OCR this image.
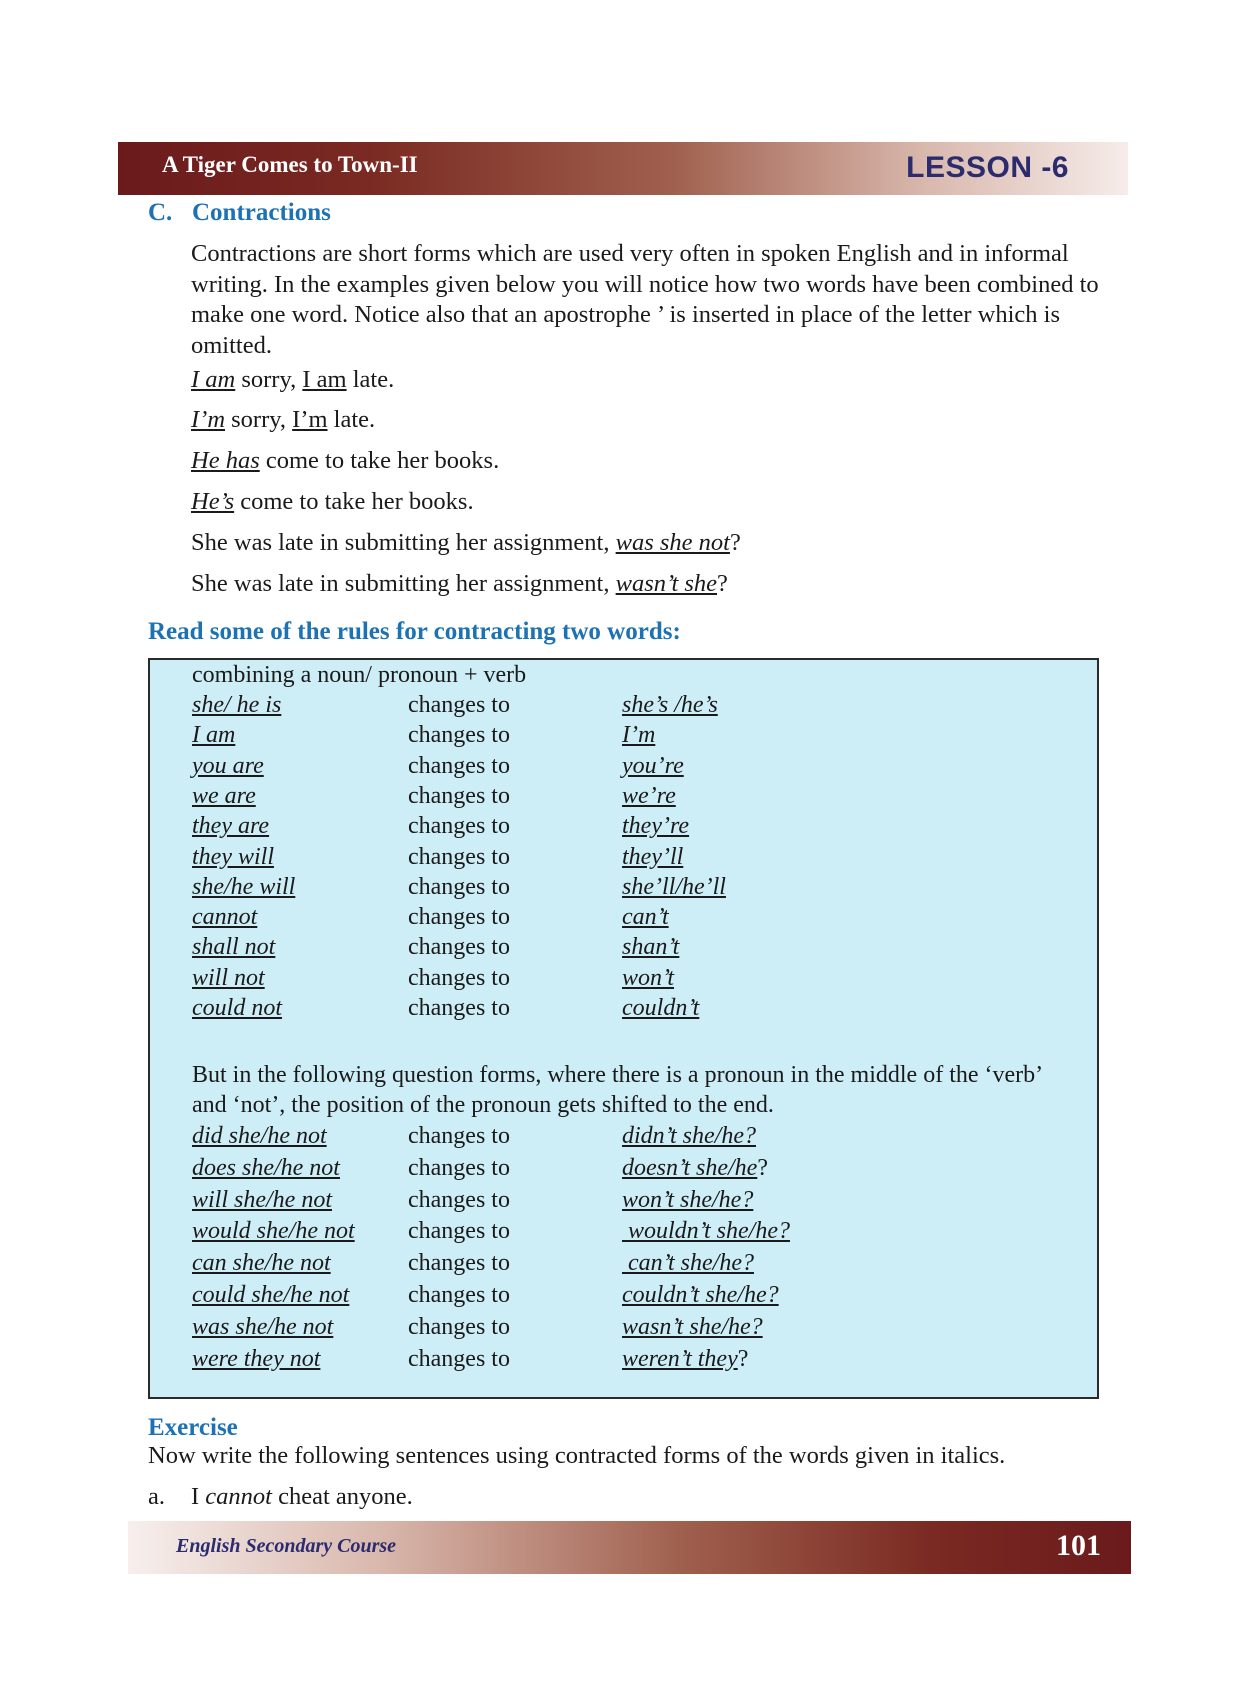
A Tiger Comes to Town-II	LESSON -6
C. Contractions
Contractions are short forms which are used very often in spoken English and in informal writing. In the examples given below you will notice how two words have been combined to make one word. Notice also that an apostrophe ’ is inserted in place of the letter which is omitted.
I am sorry, I am late.
I’m sorry, I’m late.
He has come to take her books.
He’s come to take her books.
She was late in submitting her assignment, was she not?
She was late in submitting her assignment, wasn’t she?
Read some of the rules for contracting two words:
combining a noun/ pronoun + verb
she/ he is	changes to	she’s /he’s
I am	changes to	I’m
you are	changes to	you’re
we are	changes to	we’re
they are	changes to	they’re
they will	changes to	they’ll
she/he will	changes to	she’ll/he’ll
cannot	changes to	can’t
shall not	changes to	shan’t
will not	changes to	won’t
could not	changes to	couldn’t
But in the following question forms, where there is a pronoun in the middle of the ‘verb’ and ‘not’, the position of the pronoun gets shifted to the end.
did she/he not	changes to	didn’t she/he?
does she/he not	changes to	doesn’t she/he?
will she/he not	changes to	won’t she/he?
would she/he not changes to	wouldn’t she/he?
can she/he not	changes to	can’t she/he?
could she/he not changes to	couldn’t she/he?
was she/he not	changes to	wasn’t she/he?
were they not	changes to	weren’t they?
Exercise
Now write the following sentences using contracted forms of the words given in italics.
a. I cannot cheat anyone.
English Secondary Course	101
